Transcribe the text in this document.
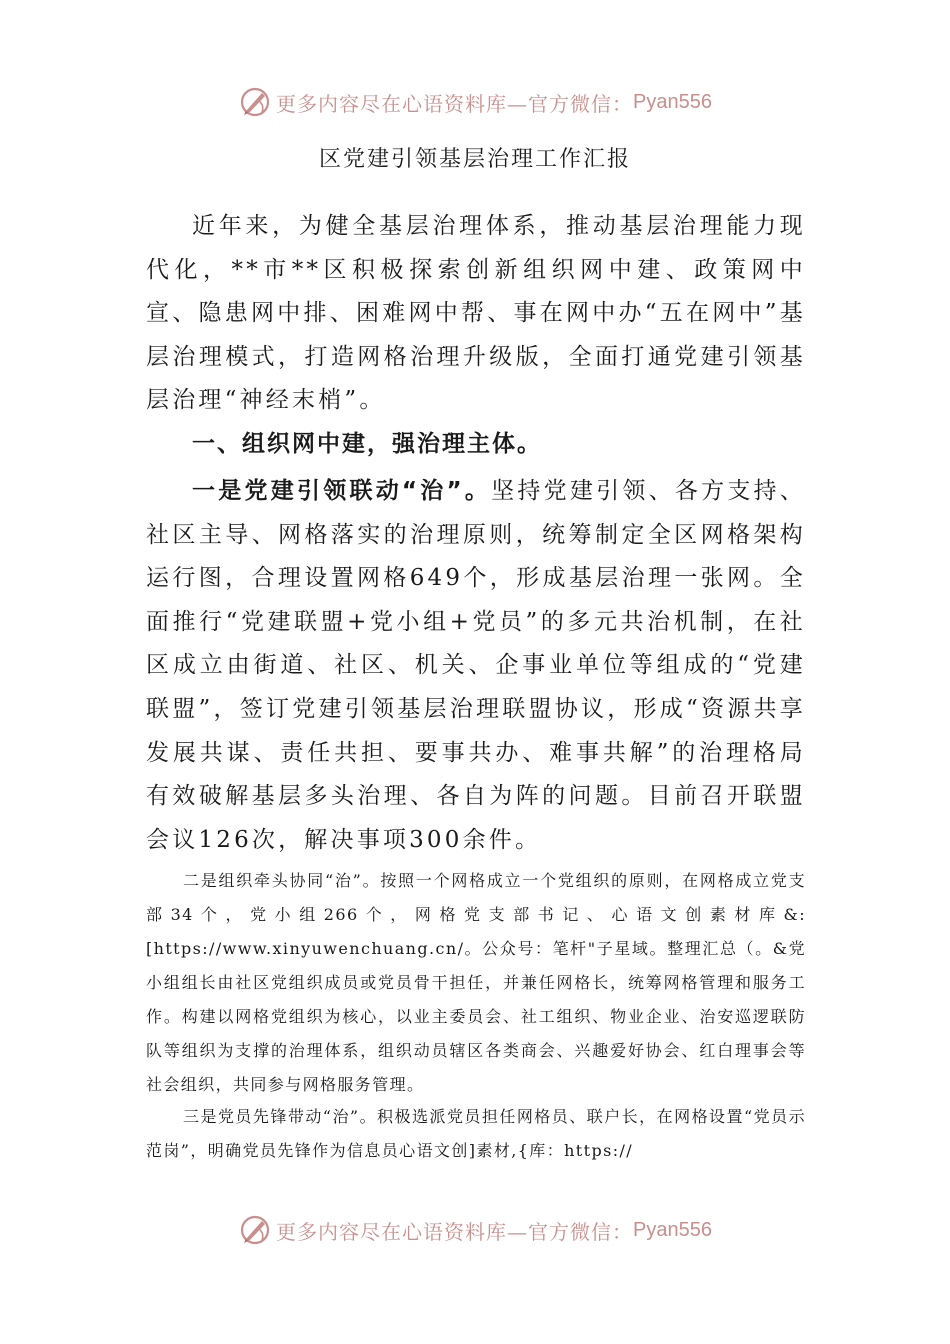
更多内容尽在心语资料库—官方微信： Pyan556
区党建引领基层治理工作汇报

近年来，为健全基层治理体系，推动基层治理能力现代化，**市**区积极探索创新组织网中建、政策网中宣、隐患网中排、困难网中帮、事在网中办“五在网中”基层治理模式，打造网格治理升级版，全面打通党建引领基层治理“神经末梢”。

一、组织网中建，强治理主体。

一是党建引领联动“治”。坚持党建引领、各方支持、社区主导、网格落实的治理原则，统筹制定全区网格架构运行图，合理设置网格649个，形成基层治理一张网。全面推行“党建联盟+党小组+党员”的多元共治机制，在社区成立由街道、社区、机关、企事业单位等组成的“党建联盟”，签订党建引领基层治理联盟协议，形成“资源共享发展共谋、责任共担、要事共办、难事共解”的治理格局有效破解基层多头治理、各自为阵的问题。目前召开联盟会议126次，解决事项300余件。

二是组织牵头协同“治”。按照一个网格成立一个党组织的原则，在网格成立党支部34个，党小组266个，网格党支部书记、心语文创素材库&:[https://www.xinyuwenchuang.cn/。公众号：笔杆"子星域。整理汇总（。&党小组组长由社区党组织成员或党员骨干担任，并兼任网格长，统筹网格管理和服务工作。构建以网格党组织为核心，以业主委员会、社工组织、物业企业、治安巡逻联防队等组织为支撑的治理体系，组织动员辖区各类商会、兴趣爱好协会、红白理事会等社会组织，共同参与网格服务管理。

三是党员先锋带动“治”。积极选派党员担任网格员、联户长，在网格设置“党员示范岗”，明确党员先锋作为信息员心语文创]素材,{库：https://

更多内容尽在心语资料库—官方微信： Pyan556
